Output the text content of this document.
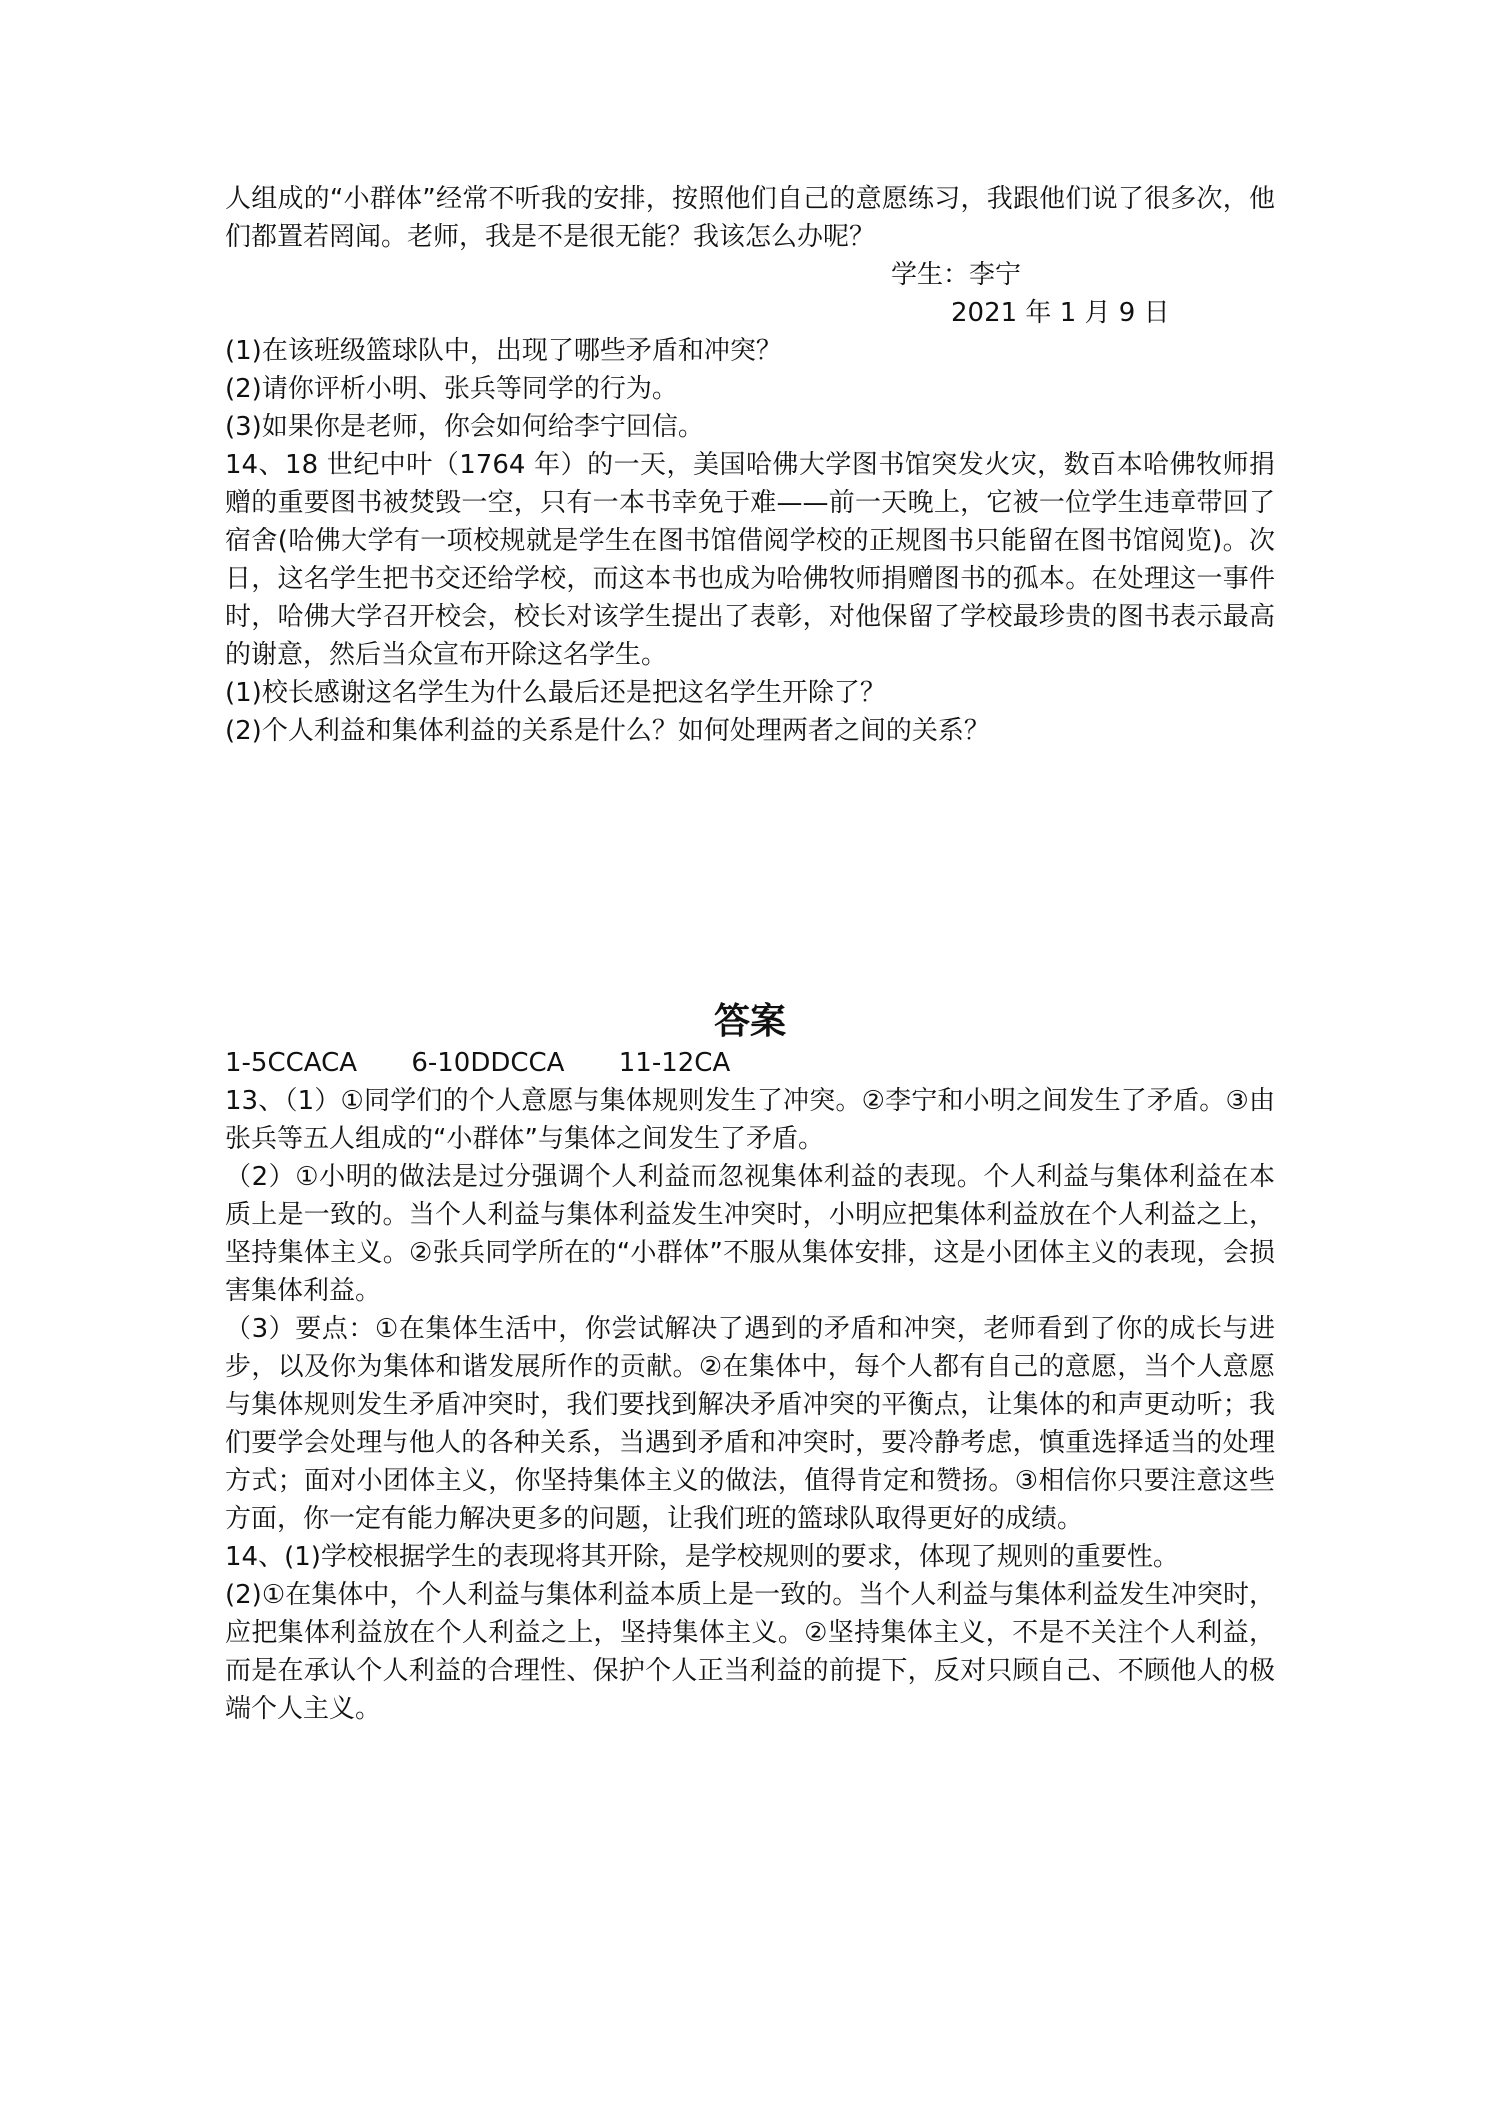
人组成的“小群体”经常不听我的安排，按照他们自己的意愿练习，我跟他们说了很多次，他们都置若罔闻。老师，我是不是很无能？我该怎么办呢？

学生：李宁

2021 年 1 月 9 日

(1)在该班级篮球队中，出现了哪些矛盾和冲突？

(2)请你评析小明、张兵等同学的行为。

(3)如果你是老师，你会如何给李宁回信。

14、18 世纪中叶（1764 年）的一天，美国哈佛大学图书馆突发火灾，数百本哈佛牧师捐赠的重要图书被焚毁一空，只有一本书幸免于难——前一天晚上，它被一位学生违章带回了宿舍(哈佛大学有一项校规就是学生在图书馆借阅学校的正规图书只能留在图书馆阅览)。次日，这名学生把书交还给学校，而这本书也成为哈佛牧师捐赠图书的孤本。在处理这一事件时，哈佛大学召开校会，校长对该学生提出了表彰，对他保留了学校最珍贵的图书表示最高的谢意，然后当众宣布开除这名学生。

(1)校长感谢这名学生为什么最后还是把这名学生开除了？

(2)个人利益和集体利益的关系是什么？如何处理两者之间的关系？

答案

1-5CCACA 6-10DDCCA 11-12CA

13、（1）①同学们的个人意愿与集体规则发生了冲突。②李宁和小明之间发生了矛盾。③由张兵等五人组成的“小群体”与集体之间发生了矛盾。

（2）①小明的做法是过分强调个人利益而忽视集体利益的表现。个人利益与集体利益在本质上是一致的。当个人利益与集体利益发生冲突时，小明应把集体利益放在个人利益之上，坚持集体主义。②张兵同学所在的“小群体”不服从集体安排，这是小团体主义的表现，会损害集体利益。

（3）要点：①在集体生活中，你尝试解决了遇到的矛盾和冲突，老师看到了你的成长与进步，以及你为集体和谐发展所作的贡献。②在集体中，每个人都有自己的意愿，当个人意愿与集体规则发生矛盾冲突时，我们要找到解决矛盾冲突的平衡点，让集体的和声更动听；我们要学会处理与他人的各种关系，当遇到矛盾和冲突时，要冷静考虑，慎重选择适当的处理方式；面对小团体主义，你坚持集体主义的做法，值得肯定和赞扬。③相信你只要注意这些方面，你一定有能力解决更多的问题，让我们班的篮球队取得更好的成绩。

14、(1)学校根据学生的表现将其开除，是学校规则的要求，体现了规则的重要性。

(2)①在集体中，个人利益与集体利益本质上是一致的。当个人利益与集体利益发生冲突时，应把集体利益放在个人利益之上，坚持集体主义。②坚持集体主义，不是不关注个人利益，而是在承认个人利益的合理性、保护个人正当利益的前提下，反对只顾自己、不顾他人的极端个人主义。
